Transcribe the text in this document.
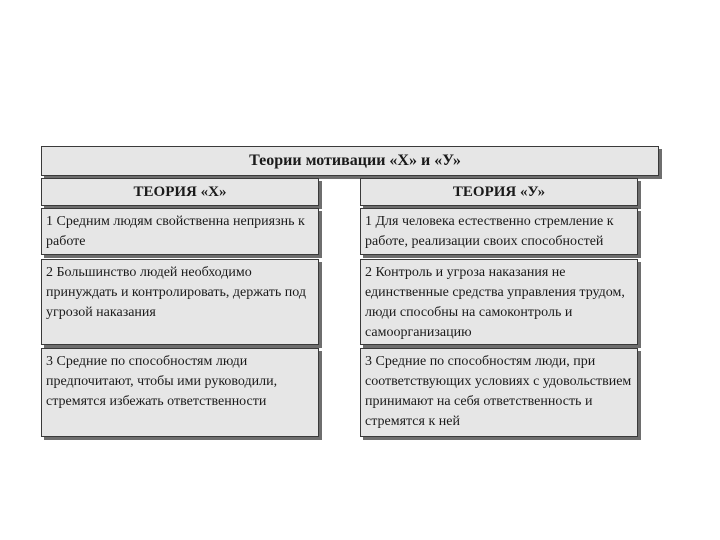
Теории мотивации «Х» и «У»
ТЕОРИЯ «Х»	ТЕОРИЯ «У»
1 Средним людям свойственна неприязнь к работе
2 Большинство людей необходимо принуждать и контролировать, держать под угрозой наказания
3 Средние по способностям люди предпочитают, чтобы ими руководили, стремятся избежать ответственности
1 Для человека естественно стремление к работе, реализации своих способностей
2 Контроль и угроза наказания не единственные средства управления трудом, люди способны на самоконтроль и самоорганизацию
3 Средние по способностям люди, при соответствующих условиях с удовольствием принимают на себя ответственность и стремятся к ней
